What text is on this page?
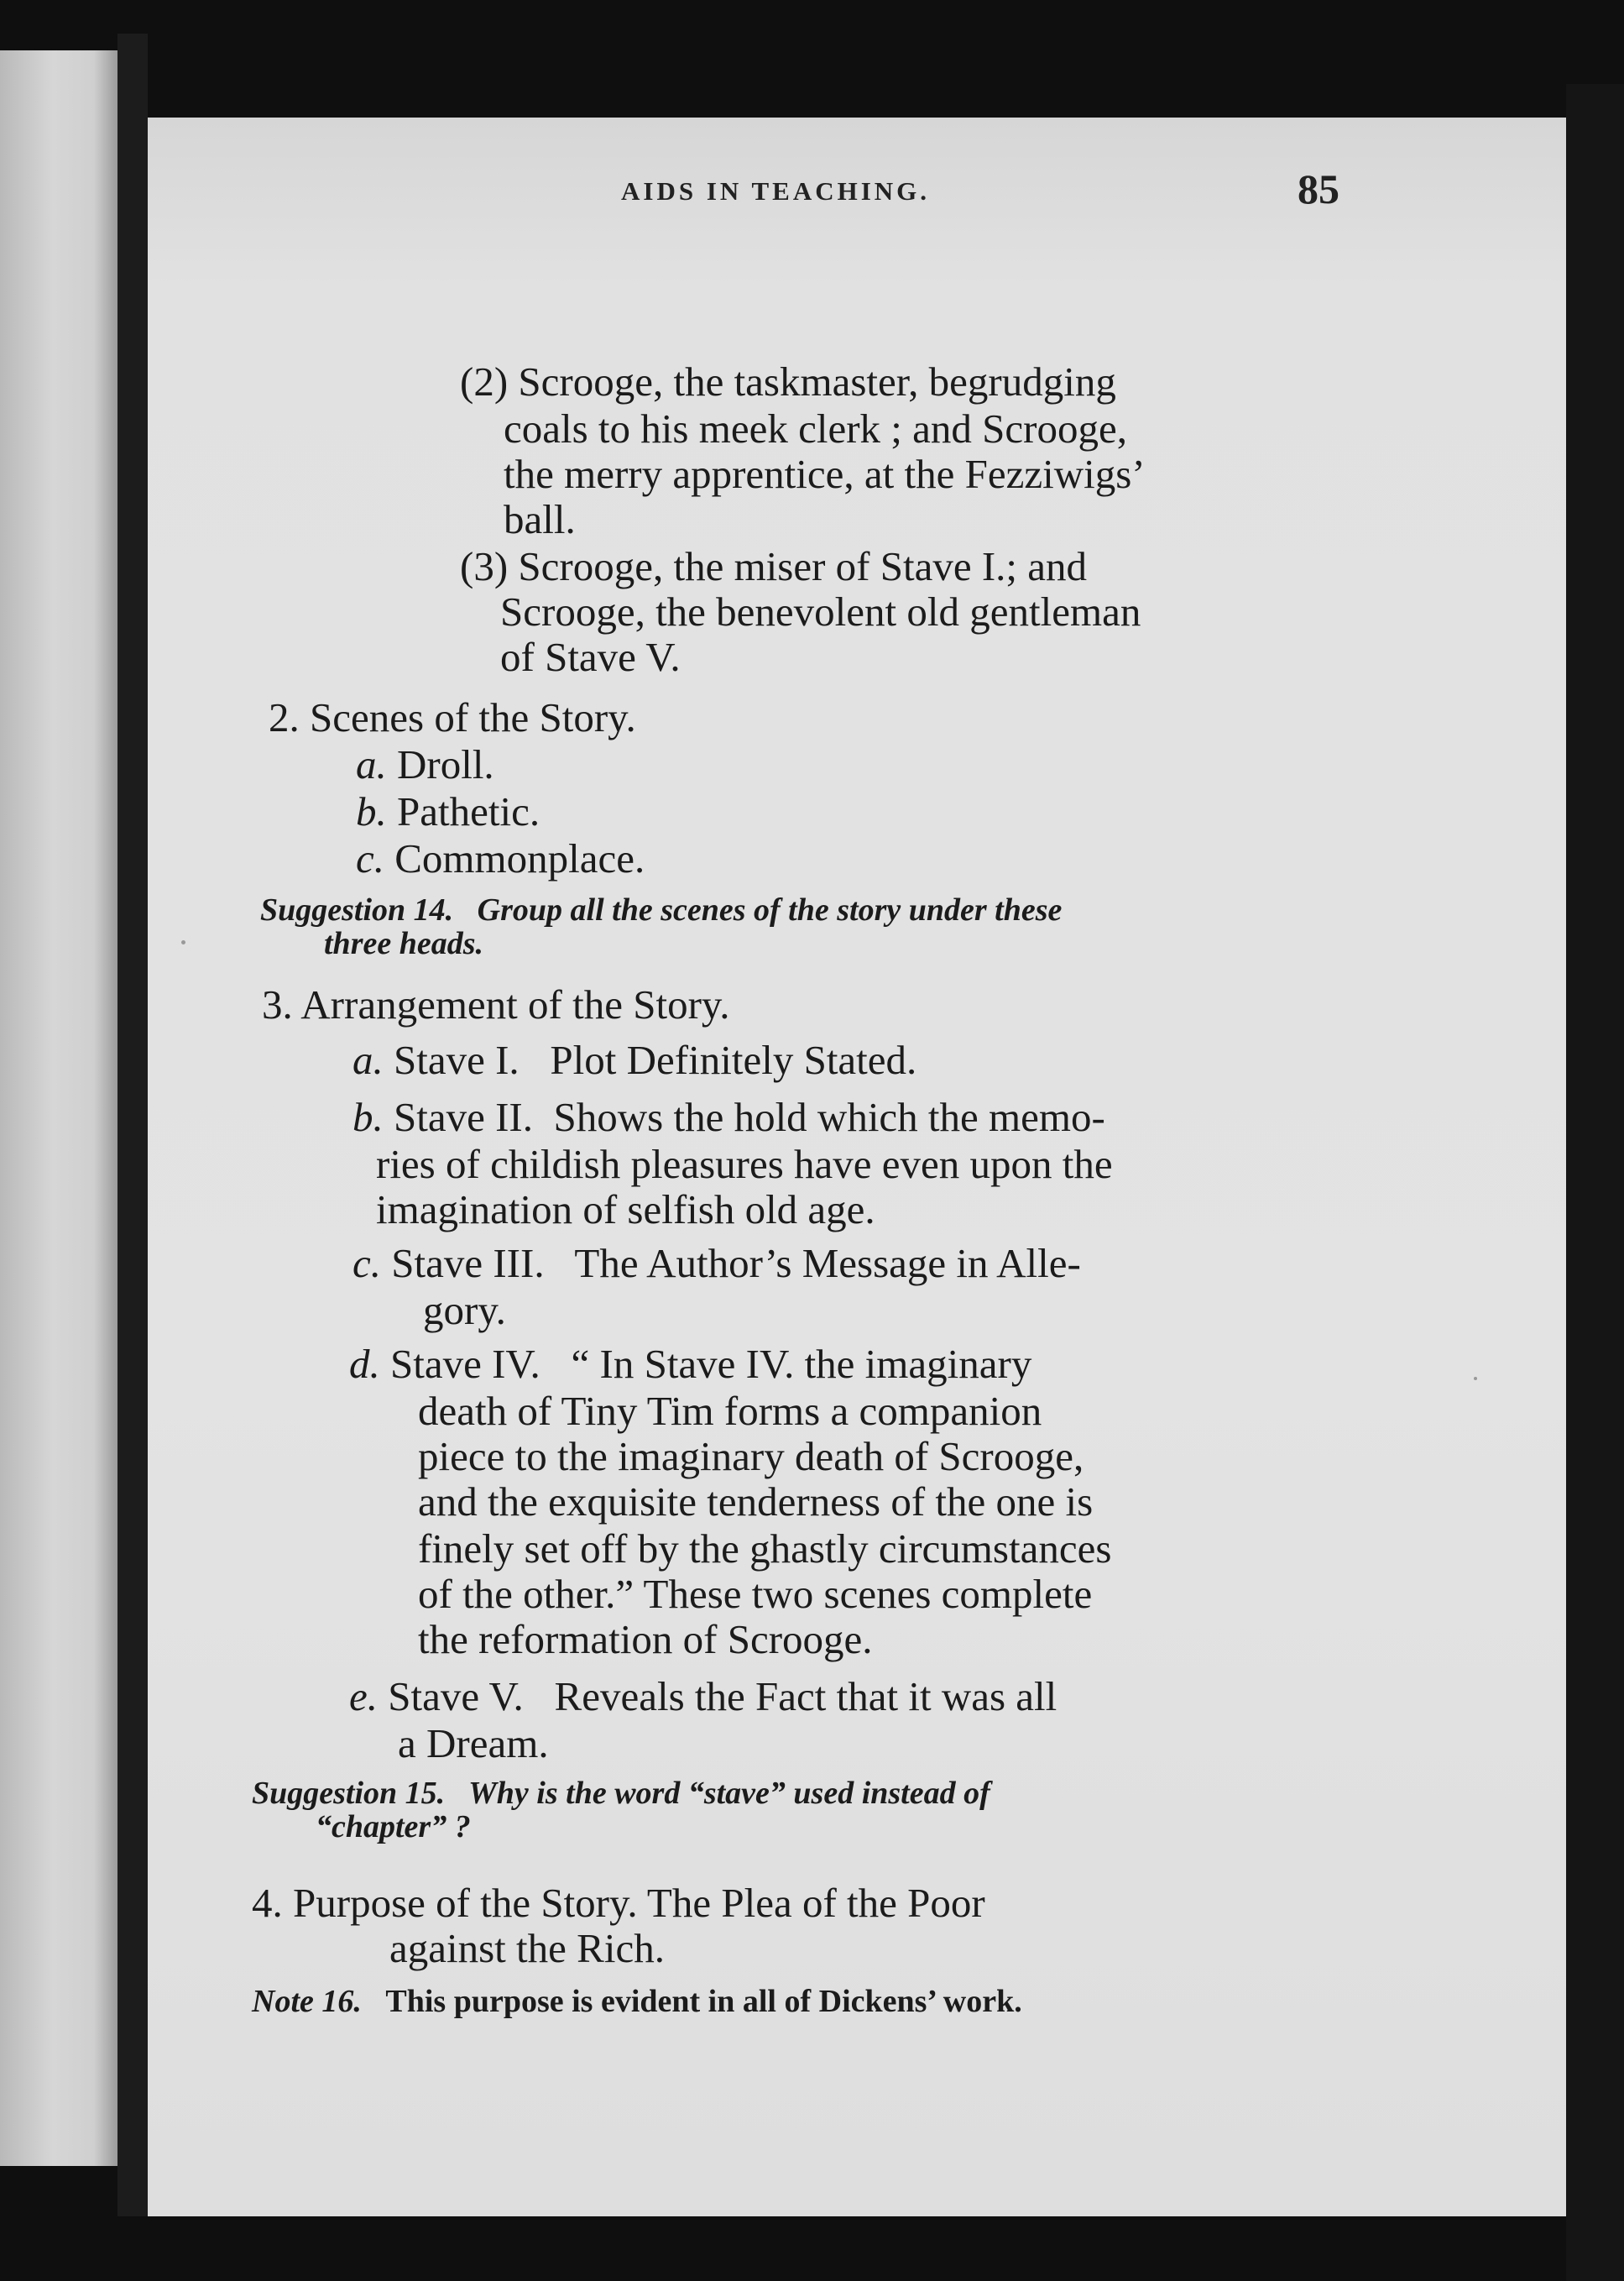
AIDS IN TEACHING.	85
(2) Scrooge, the taskmaster, begrudging
coals to his meek clerk ; and Scrooge,
the merry apprentice, at the Fezziwigs’
ball.
(3) Scrooge, the miser of Stave I.; and
Scrooge, the benevolent old gentleman
of Stave V.
2. Scenes of the Story.
a. Droll.
b. Pathetic.
c. Commonplace.
Suggestion 14. Group all the scenes of the story under these
three heads.
3. Arrangement of the Story.
a. Stave I.   Plot Definitely Stated.
b. Stave II.  Shows the hold which the memo-
ries of childish pleasures have even upon the
imagination of selfish old age.
c. Stave III.   The Author’s Message in Alle-
gory.
d. Stave IV.   “ In Stave IV. the imaginary
death of Tiny Tim forms a companion
piece to the imaginary death of Scrooge,
and the exquisite tenderness of the one is
finely set off by the ghastly circumstances
of the other.” These two scenes complete
the reformation of Scrooge.
e. Stave V.   Reveals the Fact that it was all
a Dream.
Suggestion 15. Why is the word “stave” used instead of
“chapter” ?
4. Purpose of the Story. The Plea of the Poor
against the Rich.
Note 16. This purpose is evident in all of Dickens’ work.
